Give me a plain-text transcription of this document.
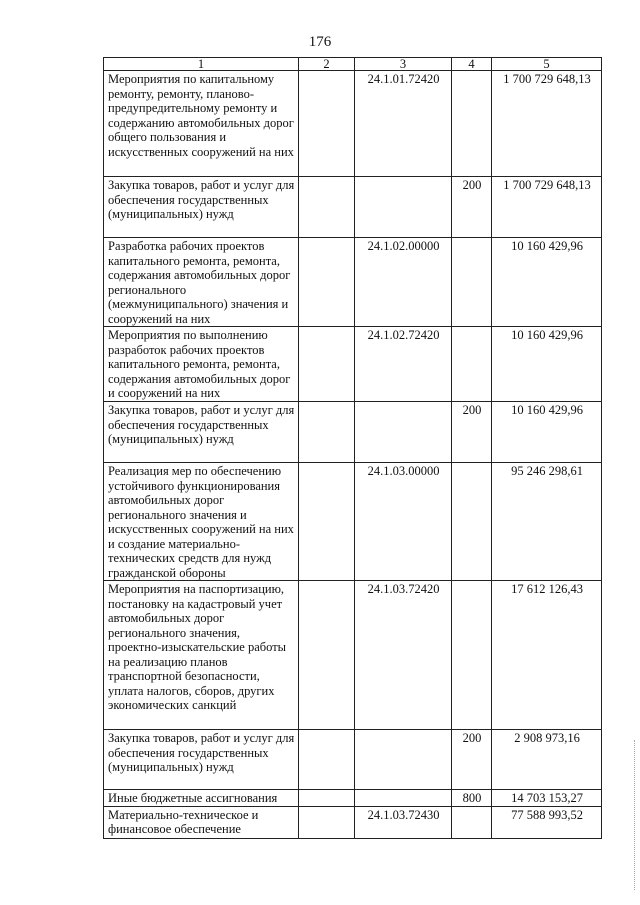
176
1	2	3	4	5
Мероприятия по капитальному ремонту, ремонту, планово-предупредительному ремонту и содержанию автомобильных дорог общего пользования и искусственных сооружений на них		24.1.01.72420		1 700 729 648,13
Закупка товаров, работ и услуг для обеспечения государственных (муниципальных) нужд			200	1 700 729 648,13
Разработка рабочих проектов капитального ремонта, ремонта, содержания автомобильных дорог регионального (межмуниципального) значения и сооружений на них		24.1.02.00000		10 160 429,96
Мероприятия по выполнению разработок рабочих проектов капитального ремонта, ремонта, содержания автомобильных дорог и сооружений на них		24.1.02.72420		10 160 429,96
Закупка товаров, работ и услуг для обеспечения государственных (муниципальных) нужд			200	10 160 429,96
Реализация мер по обеспечению устойчивого функционирования автомобильных дорог регионального значения и искусственных сооружений на них и создание материально-технических средств для нужд гражданской обороны		24.1.03.00000		95 246 298,61
Мероприятия на паспортизацию, постановку на кадастровый учет автомобильных дорог регионального значения, проектно-изыскательские работы на реализацию планов транспортной безопасности, уплата налогов, сборов, других экономических санкций		24.1.03.72420		17 612 126,43
Закупка товаров, работ и услуг для обеспечения государственных (муниципальных) нужд			200	2 908 973,16
Иные бюджетные ассигнования			800	14 703 153,27
Материально-техническое и финансовое обеспечение		24.1.03.72430		77 588 993,52
